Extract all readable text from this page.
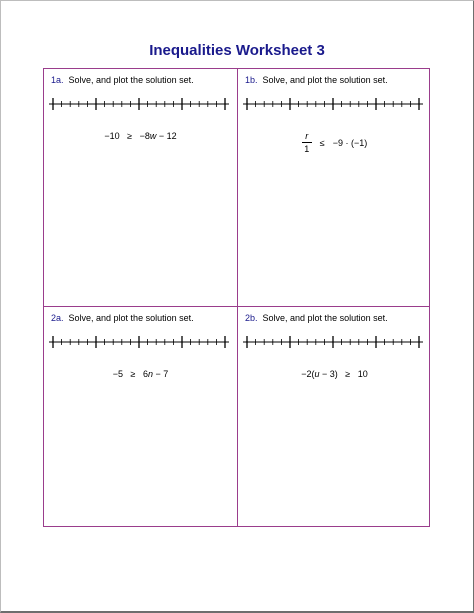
Inequalities Worksheet 3
1a. Solve, and plot the solution set.
−10 ≥ −8w − 12
1b. Solve, and plot the solution set.
$\frac{r}{1} \le -9 \cdot (-1)$
2a. Solve, and plot the solution set.
−5 ≥ 6n − 7
2b. Solve, and plot the solution set.
−2(u − 3) ≥ 10
